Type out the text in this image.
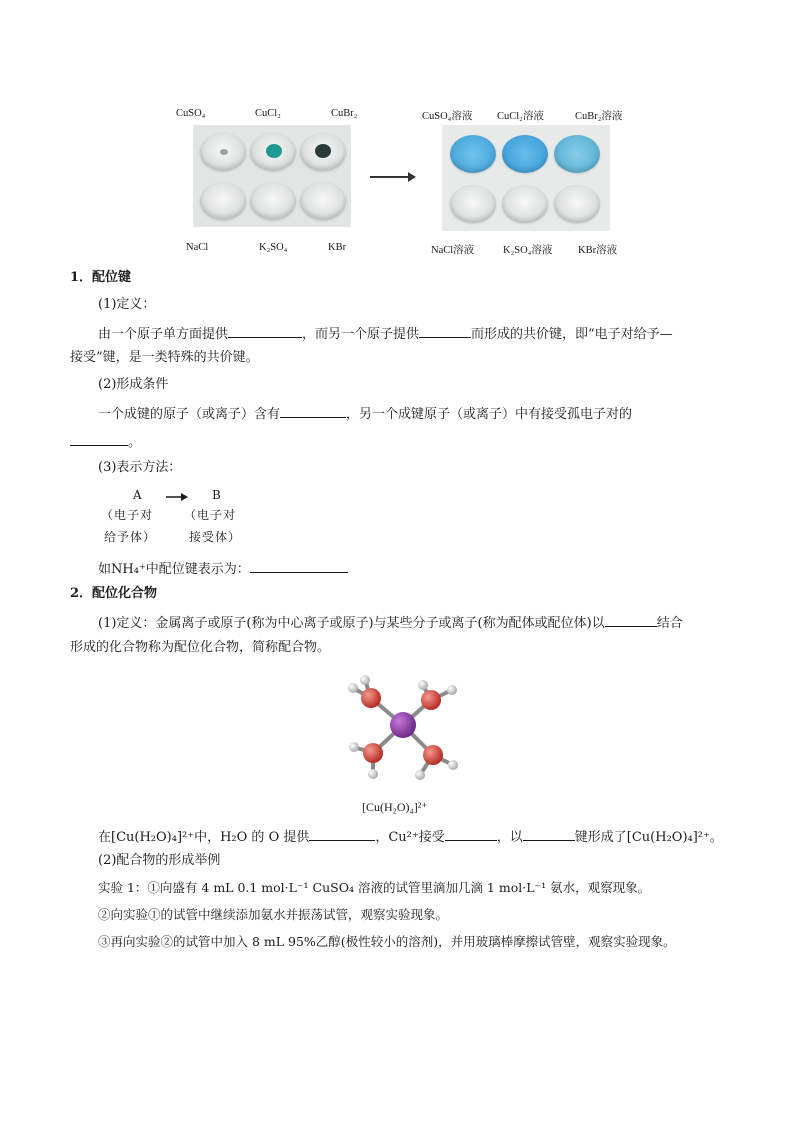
CuSO₄	CuCl₂	CuBr₂
NaCl	K₂SO₄	KBr
CuSO₄溶液 CuCl₂溶液	CuBr₂溶液
NaCl溶液	K₂SO₄溶液 KBr溶液
1．配位键
(1)定义：
由一个原子单方面提供	，而另一个原子提供	而形成的共价键，即“电子对给予—
接受”键，是一类特殊的共价键。
(2)形成条件
一个成键的原子（或离子）含有	，另一个成键原子（或离子）中有接受孤电子对的
。
(3)表示方法：
A	B
（电子对
给予体）
（电子对
接受体）
如NH₄⁺中配位键表示为：
2．配位化合物
(1)定义：金属离子或原子(称为中心离子或原子)与某些分子或离子(称为配体或配位体)以	结合
形成的化合物称为配位化合物，简称配合物。
[Cu(H₂O)₄]²⁺
在[Cu(H₂O)₄]²⁺中，H₂O 的 O 提供	，Cu²⁺接受	，以	键形成了[Cu(H₂O)₄]²⁺。
(2)配合物的形成举例
实验 1：①向盛有 4 mL 0.1 mol·L⁻¹ CuSO₄ 溶液的试管里滴加几滴 1 mol·L⁻¹ 氨水，观察现象。
②向实验①的试管中继续添加氨水并振荡试管，观察实验现象。
③再向实验②的试管中加入 8 mL 95%乙醇(极性较小的溶剂)，并用玻璃棒摩擦试管壁，观察实验现象。
